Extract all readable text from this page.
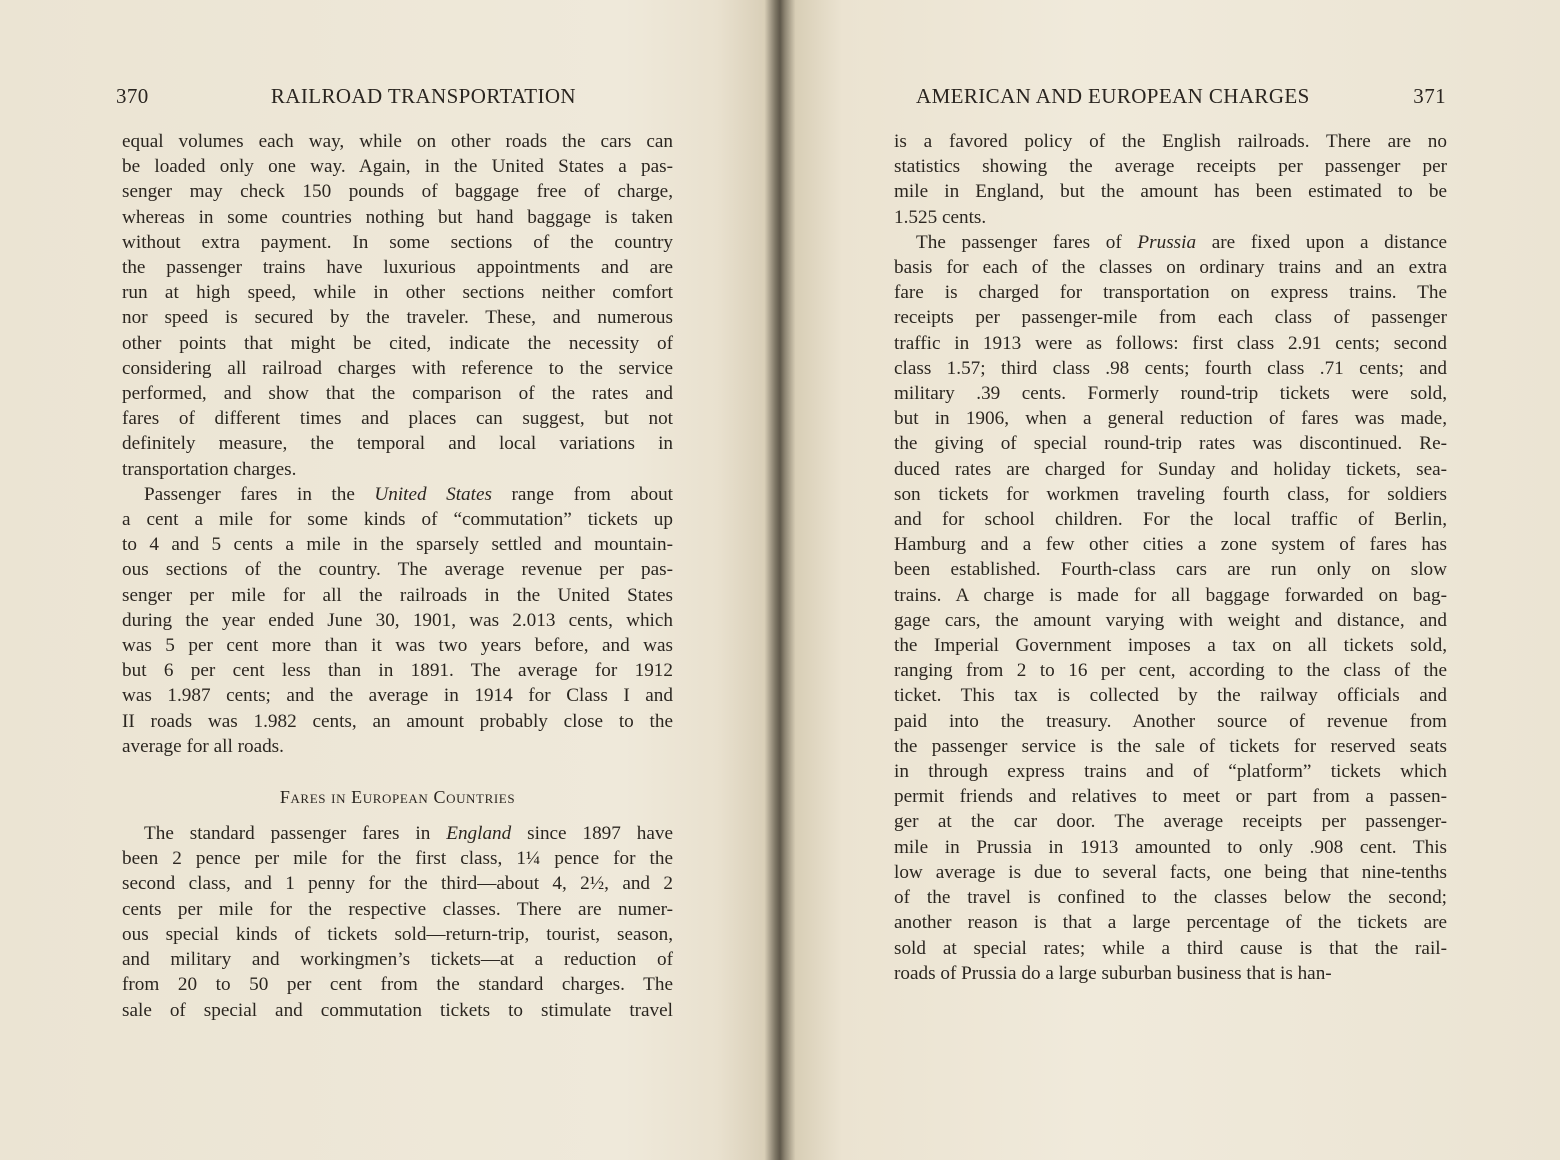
370	RAILROAD TRANSPORTATION
equal volumes each way, while on other roads the cars can
be loaded only one way. Again, in the United States a pas-
senger may check 150 pounds of baggage free of charge,
whereas in some countries nothing but hand baggage is taken
without extra payment. In some sections of the country
the passenger trains have luxurious appointments and are
run at high speed, while in other sections neither comfort
nor speed is secured by the traveler. These, and numerous
other points that might be cited, indicate the necessity of
considering all railroad charges with reference to the service
performed, and show that the comparison of the rates and
fares of different times and places can suggest, but not
definitely measure, the temporal and local variations in
transportation charges.
Passenger fares in the United States range from about
a cent a mile for some kinds of “commutation” tickets up
to 4 and 5 cents a mile in the sparsely settled and mountain-
ous sections of the country. The average revenue per pas-
senger per mile for all the railroads in the United States
during the year ended June 30, 1901, was 2.013 cents, which
was 5 per cent more than it was two years before, and was
but 6 per cent less than in 1891. The average for 1912
was 1.987 cents; and the average in 1914 for Class I and
II roads was 1.982 cents, an amount probably close to the
average for all roads.
Fares in European Countries
The standard passenger fares in England since 1897 have
been 2 pence per mile for the first class, 1¼ pence for the
second class, and 1 penny for the third—about 4, 2½, and 2
cents per mile for the respective classes. There are numer-
ous special kinds of tickets sold—return-trip, tourist, season,
and military and workingmen’s tickets—at a reduction of
from 20 to 50 per cent from the standard charges. The
sale of special and commutation tickets to stimulate travel
AMERICAN AND EUROPEAN CHARGES	371
is a favored policy of the English railroads. There are no
statistics showing the average receipts per passenger per
mile in England, but the amount has been estimated to be
1.525 cents.
The passenger fares of Prussia are fixed upon a distance
basis for each of the classes on ordinary trains and an extra
fare is charged for transportation on express trains. The
receipts per passenger-mile from each class of passenger
traffic in 1913 were as follows: first class 2.91 cents; second
class 1.57; third class .98 cents; fourth class .71 cents; and
military .39 cents. Formerly round-trip tickets were sold,
but in 1906, when a general reduction of fares was made,
the giving of special round-trip rates was discontinued. Re-
duced rates are charged for Sunday and holiday tickets, sea-
son tickets for workmen traveling fourth class, for soldiers
and for school children. For the local traffic of Berlin,
Hamburg and a few other cities a zone system of fares has
been established. Fourth-class cars are run only on slow
trains. A charge is made for all baggage forwarded on bag-
gage cars, the amount varying with weight and distance, and
the Imperial Government imposes a tax on all tickets sold,
ranging from 2 to 16 per cent, according to the class of the
ticket. This tax is collected by the railway officials and
paid into the treasury. Another source of revenue from
the passenger service is the sale of tickets for reserved seats
in through express trains and of “platform” tickets which
permit friends and relatives to meet or part from a passen-
ger at the car door. The average receipts per passenger-
mile in Prussia in 1913 amounted to only .908 cent. This
low average is due to several facts, one being that nine-tenths
of the travel is confined to the classes below the second;
another reason is that a large percentage of the tickets are
sold at special rates; while a third cause is that the rail-
roads of Prussia do a large suburban business that is han-
